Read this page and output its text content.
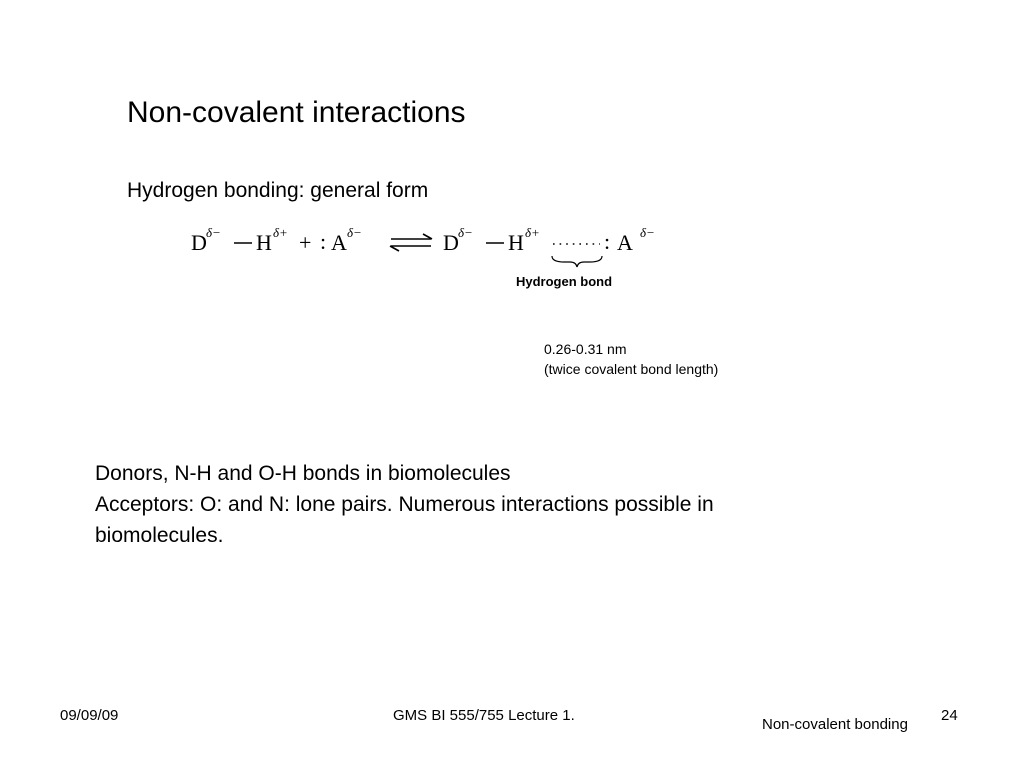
Non-covalent interactions
Hydrogen bonding: general form
D δ− H δ+ + : A δ−	D δ− H δ+	: δ−
A
Hydrogen bond
0.26-0.31 nm
(twice covalent bond length)
Donors, N-H and O-H bonds in biomolecules
Acceptors: O: and N: lone pairs. Numerous interactions possible in
biomolecules.
09/09/09	GMS BI 555/755 Lecture 1.
Non-covalent bonding
24
